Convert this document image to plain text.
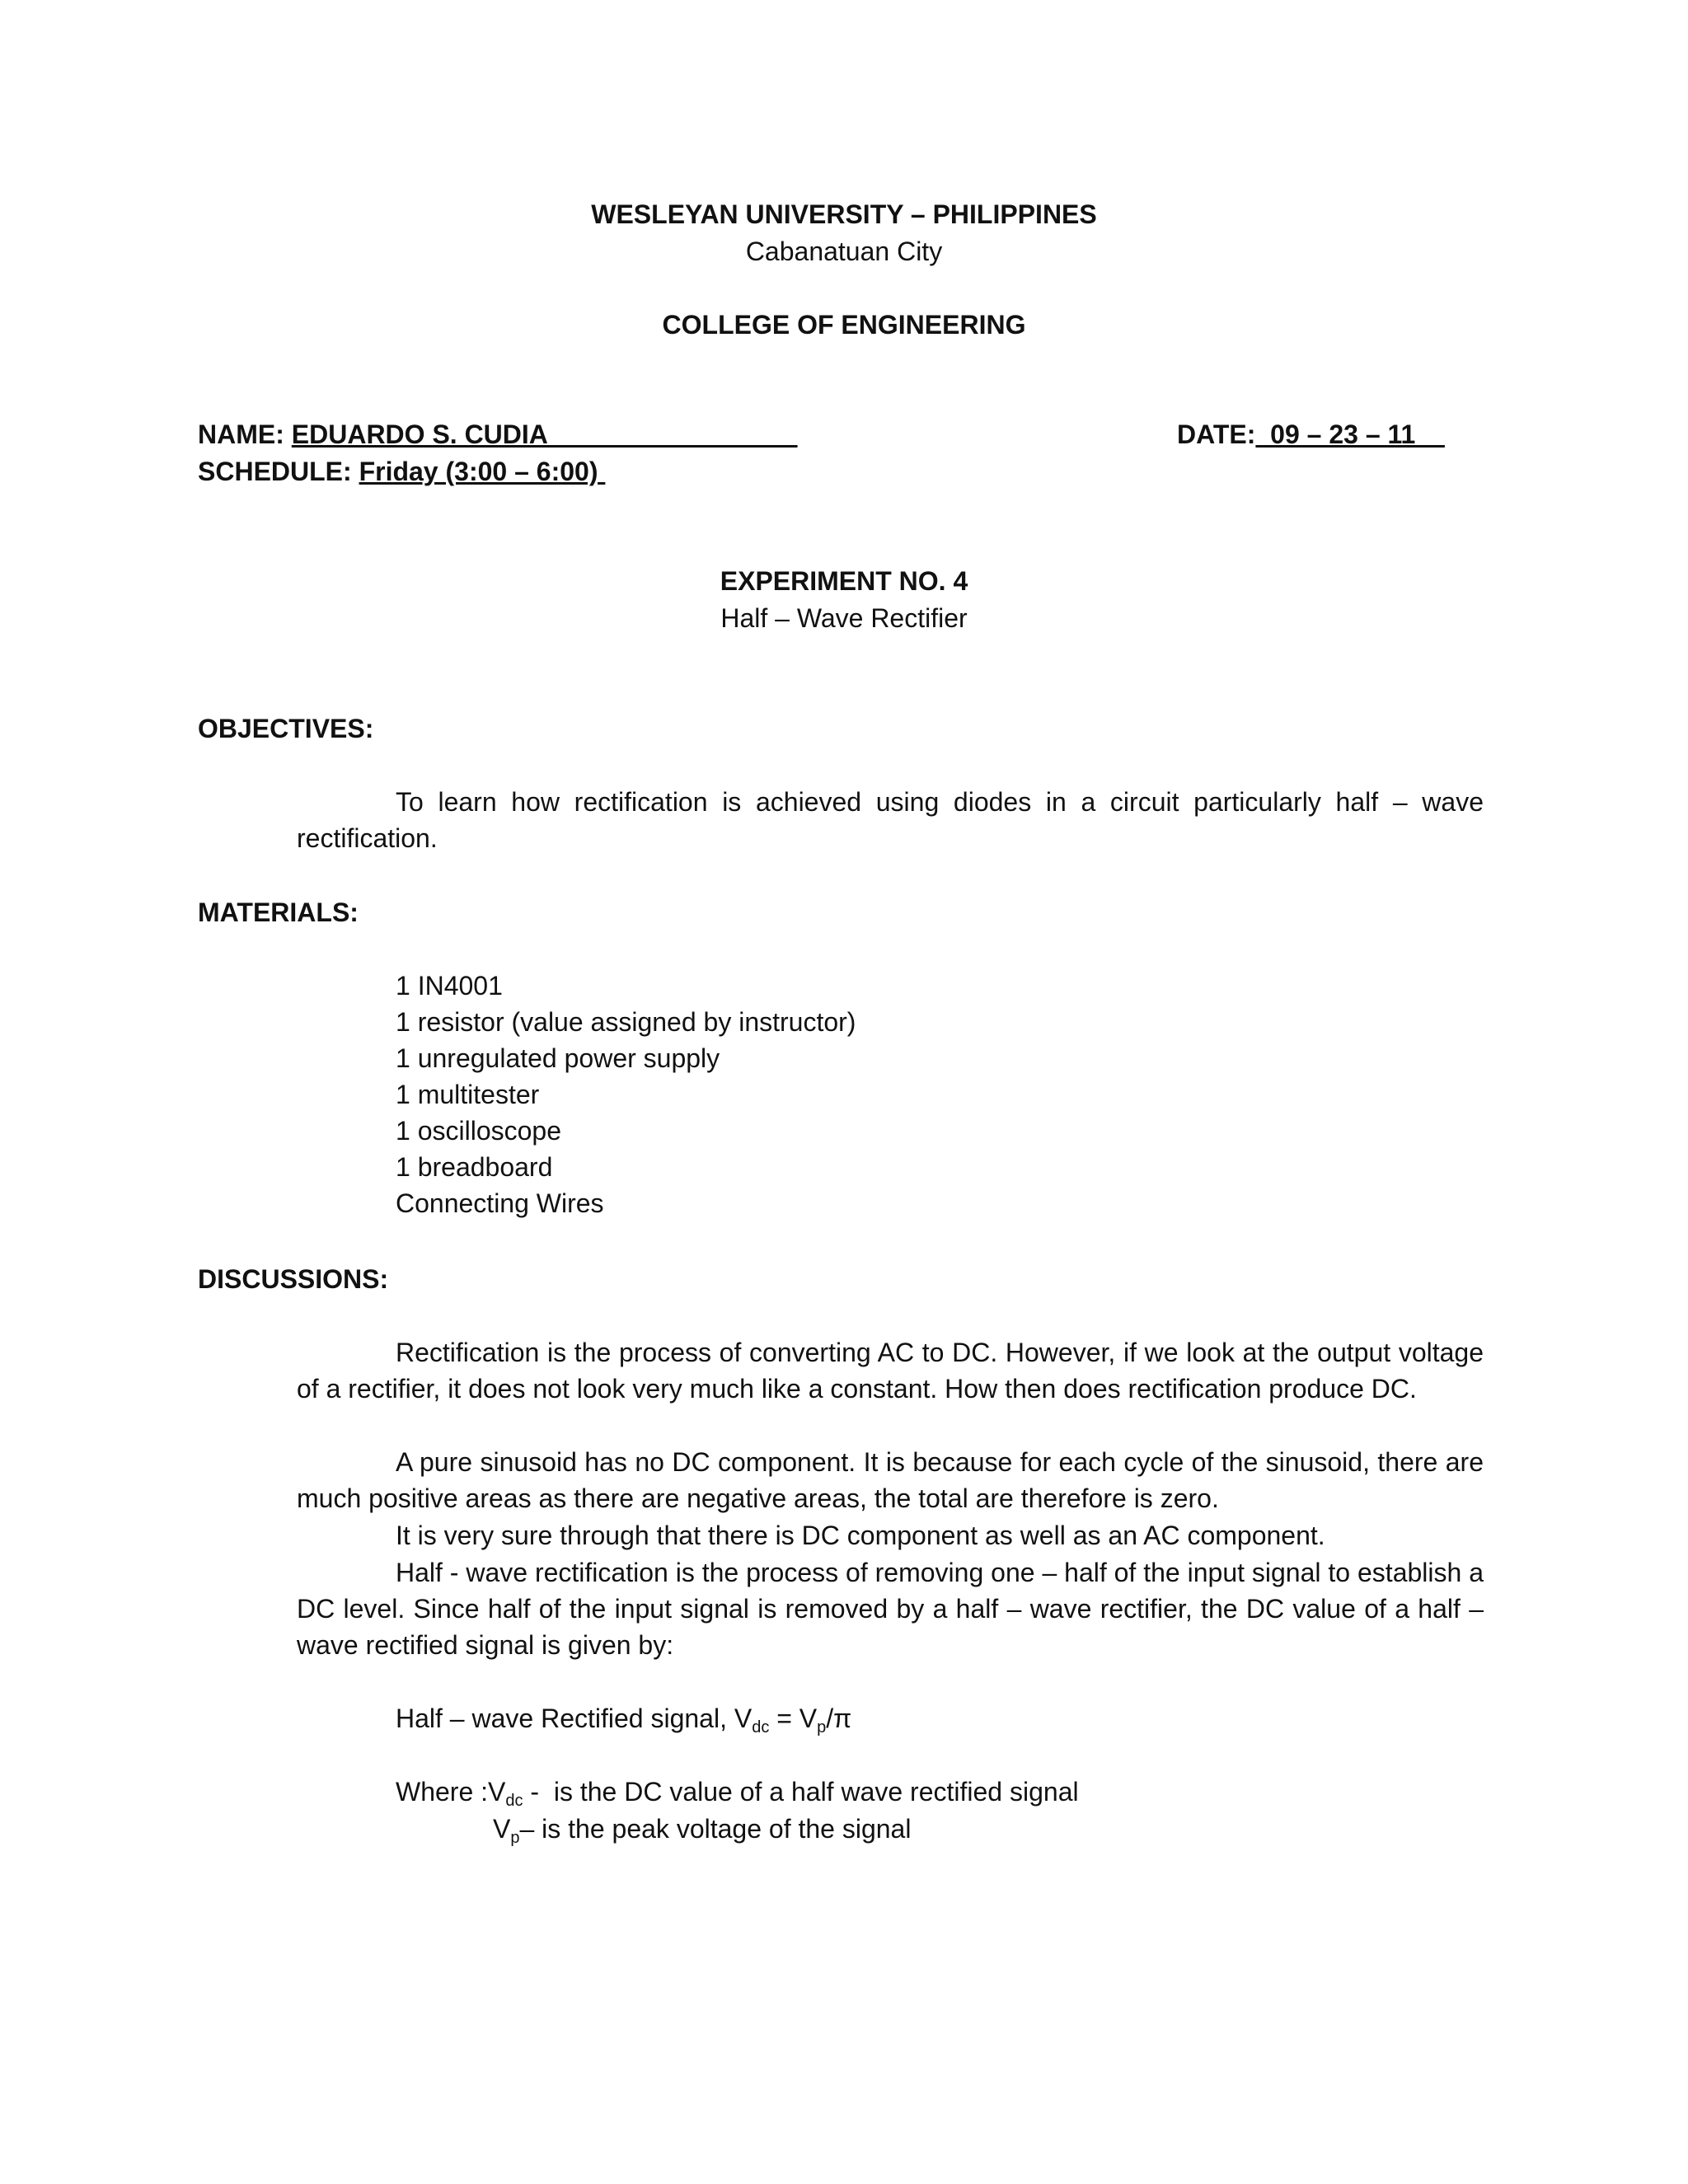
WESLEYAN UNIVERSITY – PHILIPPINES
Cabanatuan City
COLLEGE OF ENGINEERING
NAME: EDUARDO S. CUDIA_________________	DATE:  09 – 23 – 11
SCHEDULE: Friday (3:00 – 6:00)
EXPERIMENT NO. 4
Half – Wave Rectifier
OBJECTIVES:
To learn how rectification is achieved using diodes in a circuit particularly half – wave rectification.
MATERIALS:
1 IN4001
1 resistor (value assigned by instructor)
1 unregulated power supply
1 multitester
1 oscilloscope
1 breadboard
Connecting Wires
DISCUSSIONS:
Rectification is the process of converting AC to DC. However, if we look at the output voltage of a rectifier, it does not look very much like a constant. How then does rectification produce DC.
A pure sinusoid has no DC component. It is because for each cycle of the sinusoid, there are much positive areas as there are negative areas, the total are therefore is zero.
It is very sure through that there is DC component as well as an AC component.
Half - wave rectification is the process of removing one – half of the input signal to establish a DC level. Since half of the input signal is removed by a half – wave rectifier, the DC value of a half – wave rectified signal is given by:
Half – wave Rectified signal, $V_{dc} = V_p/\pi$
Where $:V_{dc}$ -  is the DC value of a half wave rectified signal
$V_p-$ is the peak voltage of the signal
